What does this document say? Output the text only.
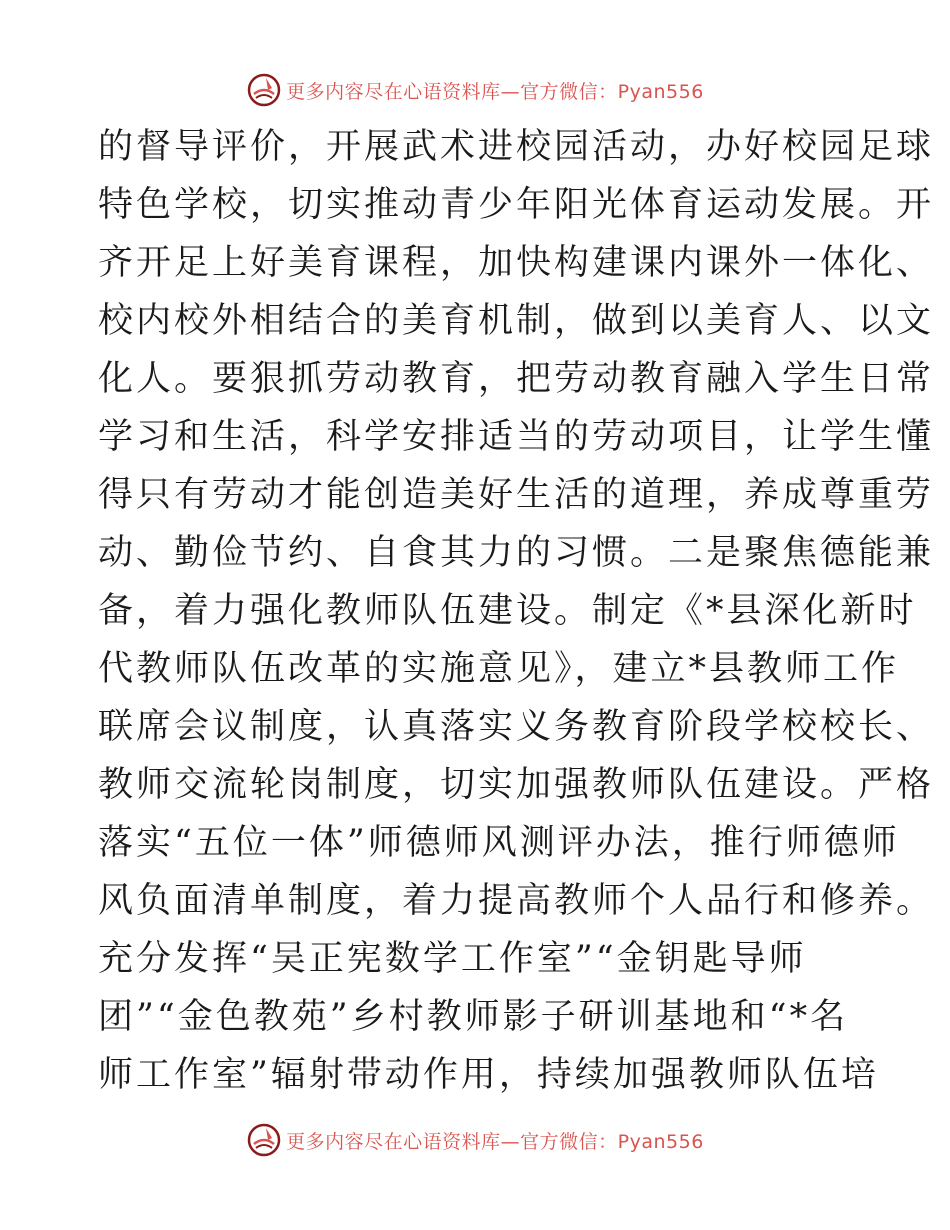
更多内容尽在心语资料库—官方微信：Pyan556
的督导评价，开展武术进校园活动，办好校园足球
特色学校，切实推动青少年阳光体育运动发展。开
齐开足上好美育课程，加快构建课内课外一体化、
校内校外相结合的美育机制，做到以美育人、以文
化人。要狠抓劳动教育，把劳动教育融入学生日常
学习和生活，科学安排适当的劳动项目，让学生懂
得只有劳动才能创造美好生活的道理，养成尊重劳
动、勤俭节约、自食其力的习惯。二是聚焦德能兼
备，着力强化教师队伍建设。制定《*县深化新时
代教师队伍改革的实施意见》，建立*县教师工作
联席会议制度，认真落实义务教育阶段学校校长、
教师交流轮岗制度，切实加强教师队伍建设。严格
落实“五位一体”师德师风测评办法，推行师德师
风负面清单制度，着力提高教师个人品行和修养。
充分发挥“吴正宪数学工作室”“金钥匙导师
团”“金色教苑”乡村教师影子研训基地和“*名
师工作室”辐射带动作用，持续加强教师队伍培
更多内容尽在心语资料库—官方微信：Pyan556
